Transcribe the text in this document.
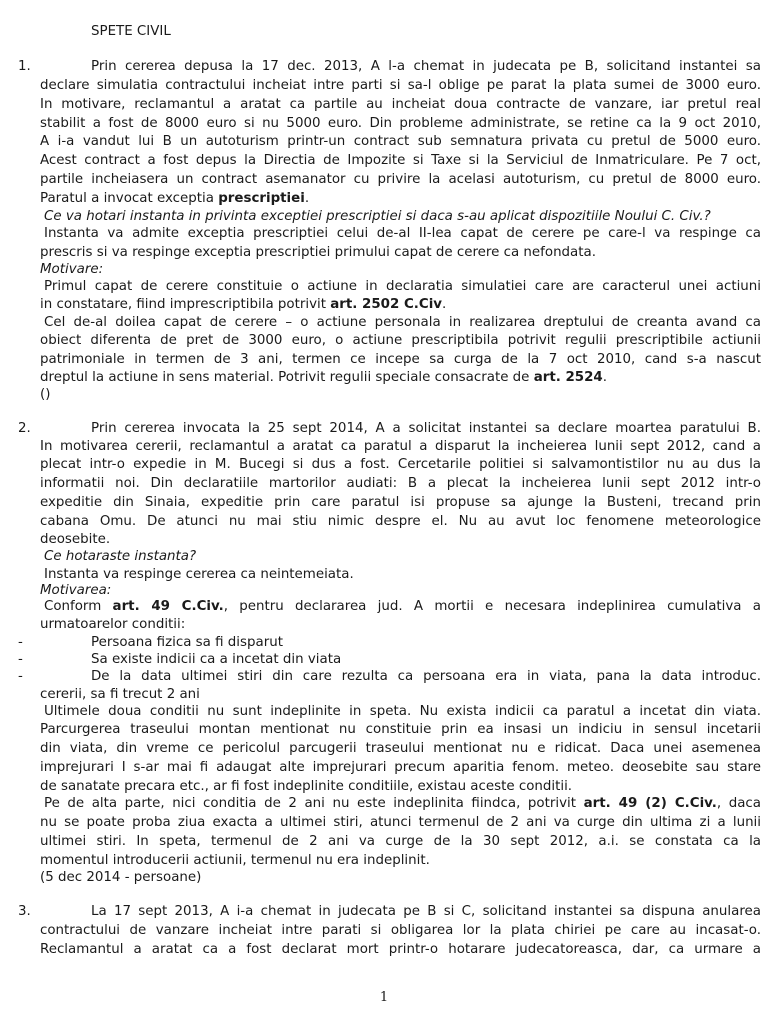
SPETE CIVIL
1.	Prin cererea depusa la 17 dec. 2013, A l-a chemat in judecata pe B, solicitand instantei sa
declare simulatia contractului incheiat intre parti si sa-l oblige pe parat la plata sumei de 3000 euro.
In motivare, reclamantul a aratat ca partile au incheiat doua contracte de vanzare, iar pretul real
stabilit a fost de 8000 euro si nu 5000 euro. Din probleme administrate, se retine ca la 9 oct 2010,
A i-a vandut lui B un autoturism printr-un contract sub semnatura privata cu pretul de 5000 euro.
Acest contract a fost depus la Directia de Impozite si Taxe si la Serviciul de Inmatriculare. Pe 7 oct,
partile incheiasera un contract asemanator cu privire la acelasi autoturism, cu pretul de 8000 euro.
Paratul a invocat exceptia prescriptiei.
Ce va hotari instanta in privinta exceptiei prescriptiei si daca s-au aplicat dispozitiile Noului C. Civ.?
Instanta va admite exceptia prescriptiei celui de-al II-lea capat de cerere pe care-l va respinge ca
prescris si va respinge exceptia prescriptiei primului capat de cerere ca nefondata.
Motivare:
Primul capat de cerere constituie o actiune in declaratia simulatiei care are caracterul unei actiuni
in constatare, fiind imprescriptibila potrivit art. 2502 C.Civ.
Cel de-al doilea capat de cerere – o actiune personala in realizarea dreptului de creanta avand ca
obiect diferenta de pret de 3000 euro, o actiune prescriptibila potrivit regulii prescriptibile actiunii
patrimoniale in termen de 3 ani, termen ce incepe sa curga de la 7 oct 2010, cand s-a nascut
dreptul la actiune in sens material. Potrivit regulii speciale consacrate de art. 2524.
()
2.	Prin cererea invocata la 25 sept 2014, A a solicitat instantei sa declare moartea paratului B.
In motivarea cererii, reclamantul a aratat ca paratul a disparut la incheierea lunii sept 2012, cand a
plecat intr-o expedie in M. Bucegi si dus a fost. Cercetarile politiei si salvamontistilor nu au dus la
informatii noi. Din declaratiile martorilor audiati: B a plecat la incheierea lunii sept 2012 intr-o
expeditie din Sinaia, expeditie prin care paratul isi propuse sa ajunge la Busteni, trecand prin
cabana Omu. De atunci nu mai stiu nimic despre el. Nu au avut loc fenomene meteorologice
deosebite.
Ce hotaraste instanta?
Instanta va respinge cererea ca neintemeiata.
Motivarea:
Conform art. 49 C.Civ., pentru declararea jud. A mortii e necesara indeplinirea cumulativa a
urmatoarelor conditii:
-	Persoana fizica sa fi disparut
-	Sa existe indicii ca a incetat din viata
-	De la data ultimei stiri din care rezulta ca persoana era in viata, pana la data introduc.
cererii, sa fi trecut 2 ani
Ultimele doua conditii nu sunt indeplinite in speta. Nu exista indicii ca paratul a incetat din viata.
Parcurgerea traseului montan mentionat nu constituie prin ea insasi un indiciu in sensul incetarii
din viata, din vreme ce pericolul parcugerii traseului mentionat nu e ridicat. Daca unei asemenea
imprejurari I s-ar mai fi adaugat alte imprejurari precum aparitia fenom. meteo. deosebite sau stare
de sanatate precara etc., ar fi fost indeplinite conditiile, existau aceste conditii.
Pe de alta parte, nici conditia de 2 ani nu este indeplinita fiindca, potrivit art. 49 (2) C.Civ., daca
nu se poate proba ziua exacta a ultimei stiri, atunci termenul de 2 ani va curge din ultima zi a lunii
ultimei stiri. In speta, termenul de 2 ani va curge de la 30 sept 2012, a.i. se constata ca la
momentul introducerii actiunii, termenul nu era indeplinit.
(5 dec 2014 - persoane)
3.	La 17 sept 2013, A i-a chemat in judecata pe B si C, solicitand instantei sa dispuna anularea
contractului de vanzare incheiat intre parati si obligarea lor la plata chiriei pe care au incasat-o.
Reclamantul a aratat ca a fost declarat mort printr-o hotarare judecatoreasca, dar, ca urmare a
1
